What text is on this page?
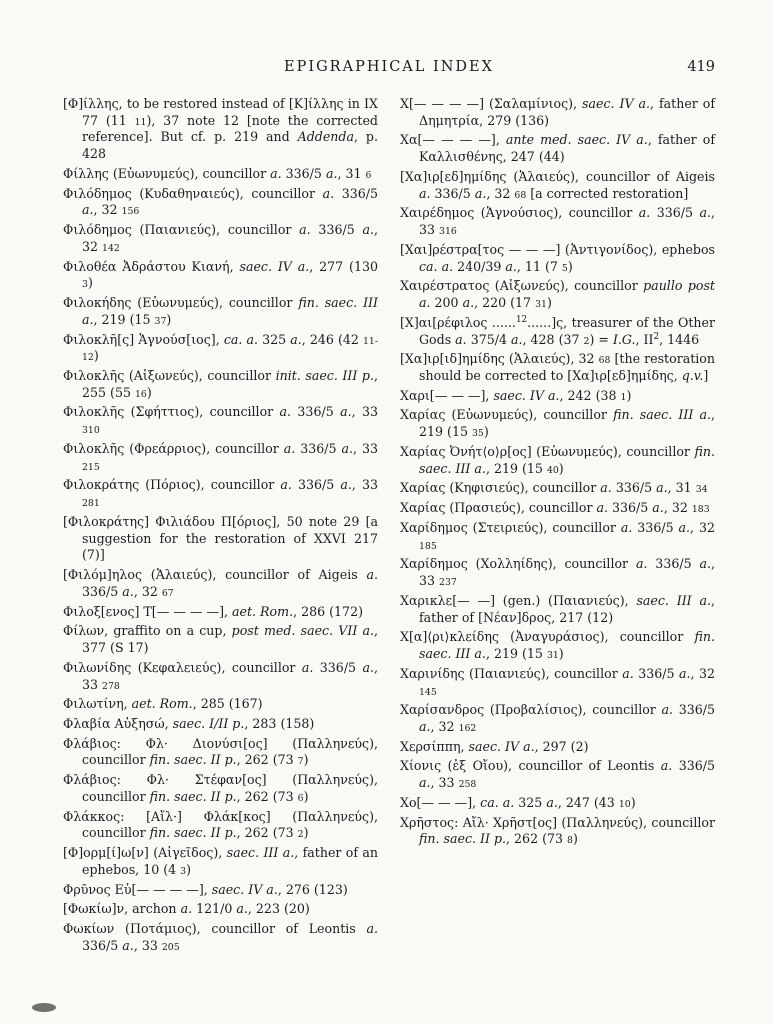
EPIGRAPHICAL INDEX	419

[Φ]ίλλης, to be restored instead of [Κ]ίλλης in IX 77 (11 11), 37 note 12 [note the corrected reference]. But cf. p. 219 and Addenda, p. 428

Φίλλης (Εὐωνυμεύς), councillor a. 336/5 a., 31 6

Φιλόδημος (Κυδαθηναιεύς), councillor a. 336/5 a., 32 156

Φιλόδημος (Παιανιεύς), councillor a. 336/5 a., 32 142

Φιλοθέα Ἀδράστου Κιανή, saec. IV a., 277 (130 3)

Φιλοκήδης (Εὐωνυμεύς), councillor fin. saec. III a., 219 (15 37)

Φιλοκλῆ[ς] Ἁγνούσ[ιος], ca. a. 325 a., 246 (42 11-12)

Φιλοκλῆς (Αἰξωνεύς), councillor init. saec. III p., 255 (55 16)

Φιλοκλῆς (Σφήττιος), councillor a. 336/5 a., 33 310

Φιλοκλῆς (Φρεάρριος), councillor a. 336/5 a., 33 215

Φιλοκράτης (Πόριος), councillor a. 336/5 a., 33 281

[Φιλοκράτης] Φιλιάδου Π[όριος], 50 note 29 [a suggestion for the restoration of XXVI 217 (7)]

[Φιλόμ]ηλος (Ἁλαιεύς), councillor of Aigeis a. 336/5 a., 32 67

Φιλοξ[ενος] Τ[— — — —], aet. Rom., 286 (172)

Φίλων, graffito on a cup, post med. saec. VII a., 377 (S 17)

Φιλωνίδης (Κεφαλειεύς), councillor a. 336/5 a., 33 278

Φιλωτίνη, aet. Rom., 285 (167)

Φλαβία Αὐξησώ, saec. I/II p., 283 (158)

Φλάβιος: Φλ· Διονύσι[ος] (Παλληνεύς), councillor fin. saec. II p., 262 (73 7)

Φλάβιος: Φλ· Στέφαν[ος] (Παλληνεύς), councillor fin. saec. II p., 262 (73 6)

Φλάκκος: [Αἴλ·] Φλάκ[κος] (Παλληνεύς), councillor fin. saec. II p., 262 (73 2)

[Φ]ορμ[ί]ω[ν] (Αἰγεῖδος), saec. III a., father of an ephebos, 10 (4 3)

Φρῦνος Εὐ[— — — —], saec. IV a., 276 (123)

[Φωκίω]ν, archon a. 121/0 a., 223 (20)

Φωκίων (Ποτάμιος), councillor of Leontis a. 336/5 a., 33 205

Χ[— — — —] (Σαλαμίνιος), saec. IV a., father of Δημητρία, 279 (136)

Χα[— — — —], ante med. saec. IV a., father of Καλλισθένης, 247 (44)

[Χα]ιρ[εδ]ημίδης (Ἁλαιεύς), councillor of Aigeis a. 336/5 a., 32 68 [a corrected restoration]

Χαιρέδημος (Ἁγνούσιος), councillor a. 336/5 a., 33 316

[Χαι]ρέστρα[τος — — —] (Ἀντιγονίδος), ephebos ca. a. 240/39 a., 11 (7 5)

Χαιρέστρατος (Αἰξωνεύς), councillor paullo post a. 200 a., 220 (17 31)

[Χ]αι[ρέφιλος ......$^{12}$......]ς, treasurer of the Other Gods a. 375/4 a., 428 (37 2) = I.G., $II^2$, 1446

[Χα]ιρ[ιδ]ημίδης (Ἁλαιεύς), 32 68 [the restoration should be corrected to [Χα]ιρ[εδ]ημίδης, q.v.]

Χαρι[— — —], saec. IV a., 242 (38 1)

Χαρίας (Εὐωνυμεύς), councillor fin. saec. III a., 219 (15 35)

Χαρίας Ὀνήτ⟨ο⟩ρ[ος] (Εὐωνυμεύς), councillor fin. saec. III a., 219 (15 40)

Χαρίας (Κηφισιεύς), councillor a. 336/5 a., 31 34

Χαρίας (Πρασιεύς), councillor a. 336/5 a., 32 183

Χαρίδημος (Στειριεύς), councillor a. 336/5 a., 32 185

Χαρίδημος (Χολληίδης), councillor a. 336/5 a., 33 237

Χαρικλε[— —] (gen.) (Παιανιεύς), saec. III a., father of [Νέαν]δρος, 217 (12)

Χ[α]⟨ρι⟩κλείδης (Ἀναγυράσιος), councillor fin. saec. III a., 219 (15 31)

Χαρινίδης (Παιανιεύς), councillor a. 336/5 a., 32 145

Χαρίσανδρος (Προβαλίσιος), councillor a. 336/5 a., 32 162

Χερσίππη, saec. IV a., 297 (2)

Χίονις (ἐξ Οἴου), councillor of Leontis a. 336/5 a., 33 258

Χο[— — —], ca. a. 325 a., 247 (43 10)

Χρῆστος: Αἴλ· Χρῆστ[ος] (Παλληνεύς), councillor fin. saec. II p., 262 (73 8)
